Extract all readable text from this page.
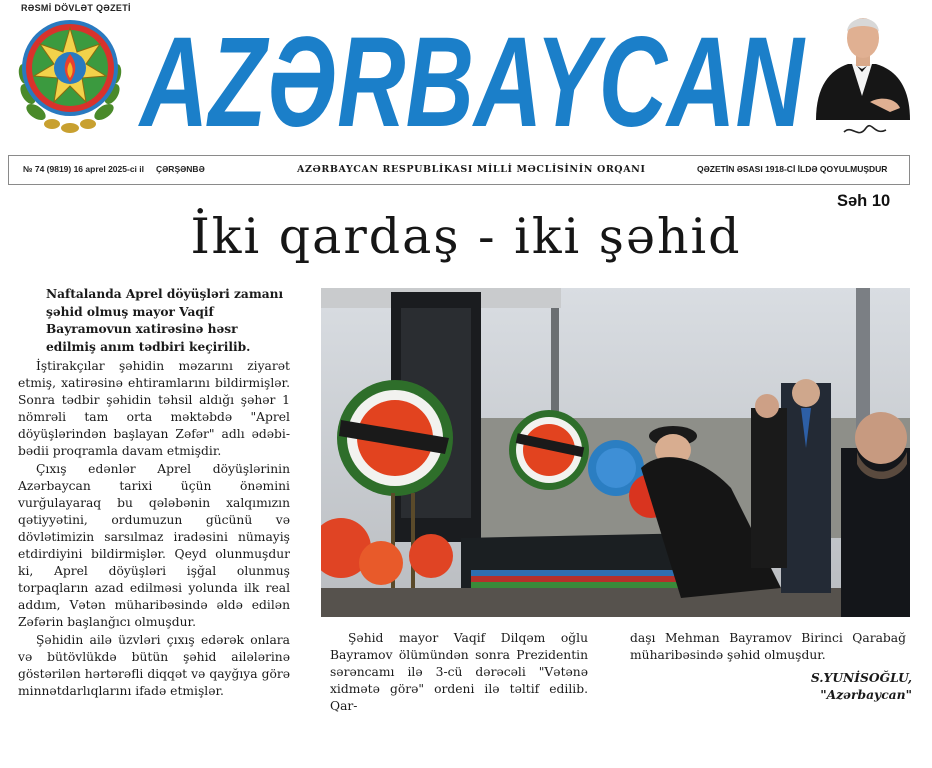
RƏSMİ DÖVLƏT QƏZETİ
AZƏRBAYCAN
№ 74 (9819) 16 aprel 2025-ci il ÇƏRŞƏNBƏ	AZƏRBAYCAN RESPUBLİKASI MİLLİ MƏCLİSİNİN ORQANI	QƏZETİN ƏSASI 1918-Cİ İLDƏ QOYULMUŞDUR
Səh 10
İki qardaş - iki şəhid
Naftalanda Aprel döyüşləri zamanı şəhid olmuş mayor Vaqif Bayramovun xatirəsinə həsr edilmiş anım tədbiri keçirilib.

İştirakçılar şəhidin məzarını ziyarət etmiş, xatirəsinə ehtiramlarını bildirmişlər. Sonra tədbir şəhidin təhsil aldığı şəhər 1 nömrəli tam orta məktəbdə "Aprel döyüşlərindən başlayan Zəfər" adlı ədəbi-bədii proqramla davam etmişdir.

Çıxış edənlər Aprel döyüşlərinin Azərbaycan tarixi üçün önəmini vurğulayaraq bu qələbənin xalqımızın qətiyyətini, ordumuzun gücünü və dövlətimizin sarsılmaz iradəsini nümayiş etdirdiyini bildirmişlər. Qeyd olunmuşdur ki, Aprel döyüşləri işğal olunmuş torpaqların azad edilməsi yolunda ilk real addım, Vətən müharibəsində əldə edilən Zəfərin başlanğıcı olmuşdur.

Şəhidin ailə üzvləri çıxış edərək onlara və bütövlükdə bütün şəhid ailələrinə göstərilən hərtərəfli diqqət və qayğıya görə minnətdarlıqlarını ifadə etmişlər.

Şəhid mayor Vaqif Dilqəm oğlu Bayramov ölümündən sonra Prezidentin sərəncamı ilə 3-cü dərəcəli "Vətənə xidmətə görə" ordeni ilə təltif edilib. Qar-
daşı Mehman Bayramov Birinci Qarabağ müharibəsində şəhid olmuşdur.
S.YUNİSOĞLU,
"Azərbaycan"
